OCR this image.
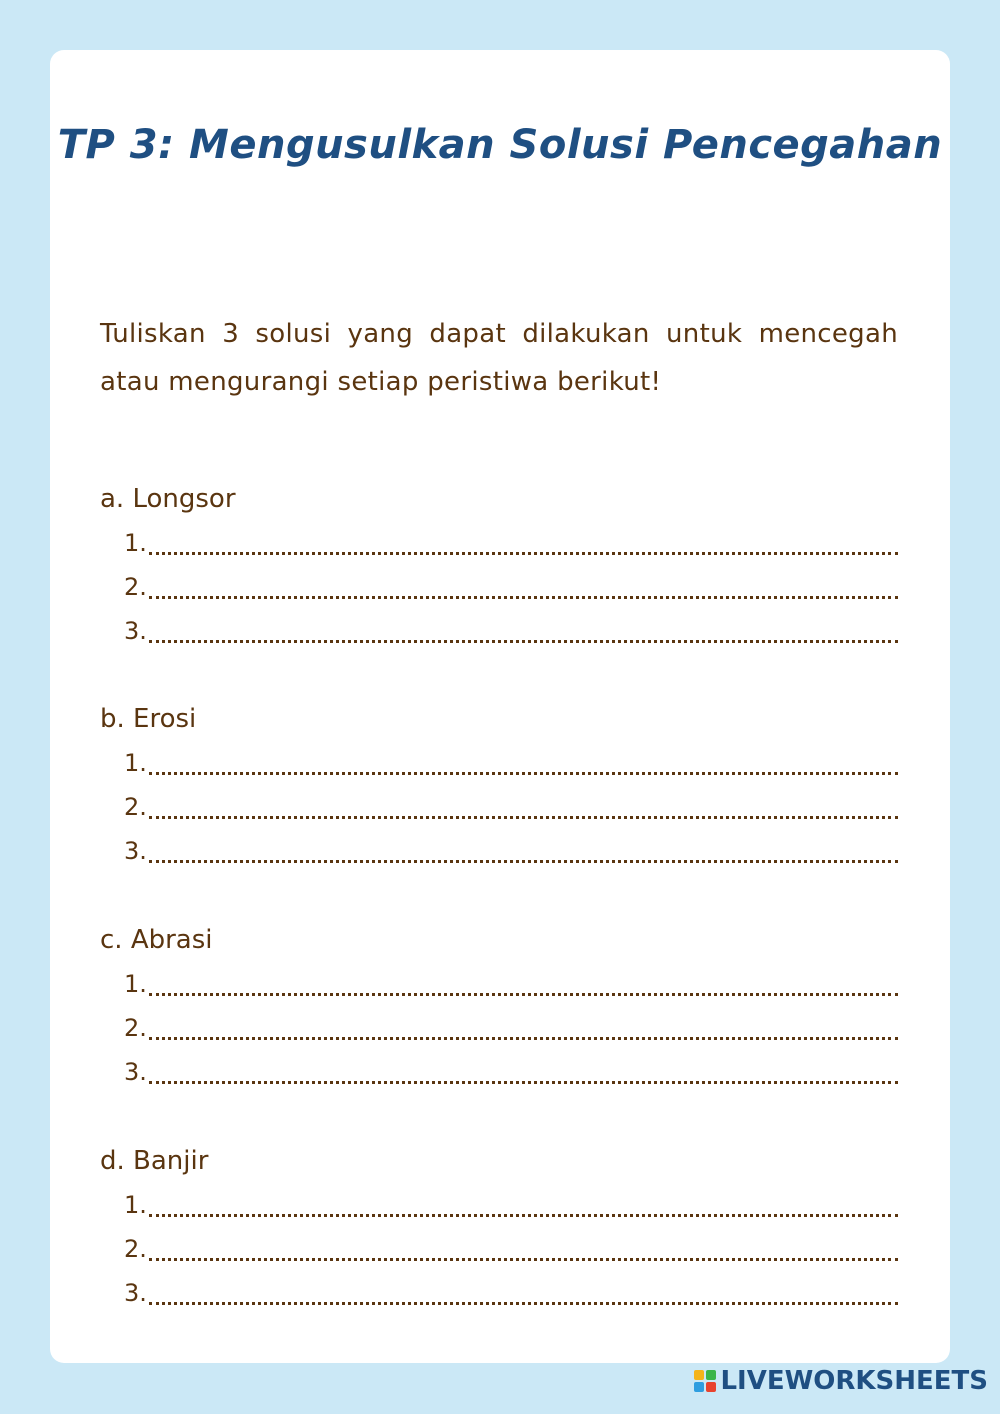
TP 3: Mengusulkan Solusi Pencegahan
Tuliskan 3 solusi yang dapat dilakukan untuk mencegah atau mengurangi setiap peristiwa berikut!
a. Longsor
1.
2.
3.
b. Erosi
1.
2.
3.
c. Abrasi
1.
2.
3.
d. Banjir
1.
2.
3.
LIVEWORKSHEETS
